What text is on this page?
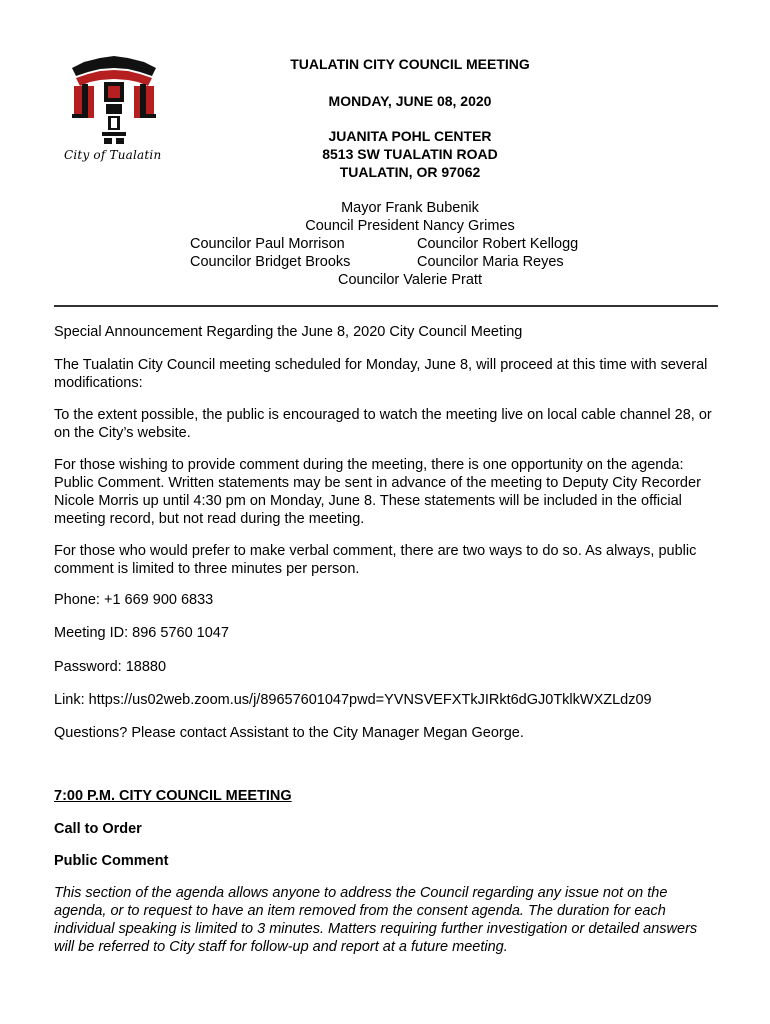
City of Tualatin
TUALATIN CITY COUNCIL MEETING
MONDAY, JUNE 08, 2020
JUANITA POHL CENTER
8513 SW TUALATIN ROAD
TUALATIN, OR 97062
Mayor Frank Bubenik
Council President Nancy Grimes
Councilor Paul Morrison	Councilor Robert Kellogg
Councilor Bridget Brooks	Councilor Maria Reyes
Councilor Valerie Pratt

Special Announcement Regarding the June 8, 2020 City Council Meeting

The Tualatin City Council meeting scheduled for Monday, June 8, will proceed at this time with several modifications:

To the extent possible, the public is encouraged to watch the meeting live on local cable channel 28, or on the City’s website.

For those wishing to provide comment during the meeting, there is one opportunity on the agenda: Public Comment. Written statements may be sent in advance of the meeting to Deputy City Recorder Nicole Morris up until 4:30 pm on Monday, June 8. These statements will be included in the official meeting record, but not read during the meeting.

For those who would prefer to make verbal comment, there are two ways to do so. As always, public comment is limited to three minutes per person.

Phone: +1 669 900 6833

Meeting ID: 896 5760 1047

Password: 18880

Link: https://us02web.zoom.us/j/89657601047pwd=YVNSVEFXTkJIRkt6dGJ0TklkWXZLdz09

Questions? Please contact Assistant to the City Manager Megan George.

7:00 P.M. CITY COUNCIL MEETING

Call to Order

Public Comment

This section of the agenda allows anyone to address the Council regarding any issue not on the agenda, or to request to have an item removed from the consent agenda. The duration for each individual speaking is limited to 3 minutes. Matters requiring further investigation or detailed answers will be referred to City staff for follow-up and report at a future meeting.
